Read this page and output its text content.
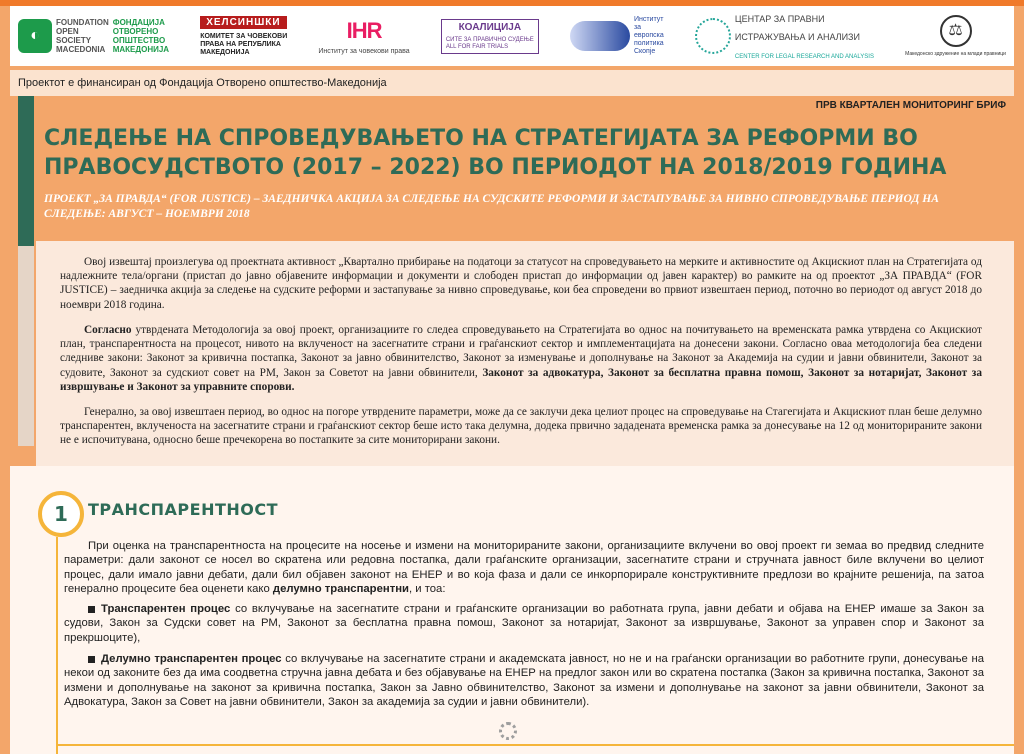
◐
FOUNDATION
OPEN
SOCIETY
MACEDONIA
ФОНДАЦИЈА
ОТВОРЕНО
ОПШТЕСТВО
МАКЕДОНИЈА
ХЕЛСИНШКИ
КОМИТЕТ ЗА ЧОВЕКОВИ
ПРАВА НА РЕПУБЛИКА
МАКЕДОНИЈА
IHR
Институт за човекови права
КОАЛИЦИЈА
СИТЕ ЗА ПРАВИЧНО СУДЕЊЕ
ALL FOR FAIR TRIALS
Институт
за
европска
политика
Скопје
ЦЕНТАР ЗА ПРАВНИ
ИСТРАЖУВАЊА И АНАЛИЗИ
CENTER FOR LEGAL RESEARCH AND ANALYSIS
⚖
Македонско здружение на млади правници
Проектот е финансиран од Фондација Отворено општество-Македонија
ПРВ КВАРТАЛЕН МОНИТОРИНГ БРИФ
СЛЕДЕЊЕ НА СПРОВЕДУВАЊЕТО НА СТРАТЕГИЈАТА ЗА РЕФОРМИ ВО ПРАВОСУДСТВОТО (2017 – 2022) ВО ПЕРИОДОТ НА 2018/2019 ГОДИНА

ПРОЕКТ „ЗА ПРАВДА“ (FOR JUSTICE) – ЗАЕДНИЧКА АКЦИЈА ЗА СЛЕДЕЊЕ НА СУДСКИТЕ РЕФОРМИ И ЗАСТАПУВАЊЕ ЗА НИВНО СПРОВЕДУВАЊЕ ПЕРИОД НА СЛЕДЕЊЕ: АВГУСТ – НОЕМВРИ 2018

Овој извештај произлегува од проектната активност „Квартално прибирање на податоци за статусот на спроведувањето на мерките и активностите од Акцискиот план на Стратегијата од надлежните тела/органи (пристап до јавно објавените информации и документи и слободен пристап до информации од јавен карактер) во рамките на од проектот „ЗА ПРАВДА“ (FOR JUSTICE) – заедничка акција за следење на судските реформи и застапување за нивно спроведување, кои беа спроведени во првиот извештаен период, поточно во периодот од август 2018 до ноември 2018 година.

Согласно утврдената Методологија за овој проект, организациите го следеа спроведувањето на Стратегијата во однос на почитувањето на временската рамка утврдена со Акцискиот план, транспарентноста на процесот, нивото на вклученост на засегнатите страни и граѓанскиот сектор и имплементацијата на донесени закони. Согласно оваа методологија беа следени следниве закони: Законот за кривична постапка, Законот за јавно обвинителство, Законот за изменување и дополнување на Законот за Академија на судии и јавни обвинители, Законот за судовите, Законот за судскиот совет на РМ, Закон за Советот на јавни обвинители, Законот за адвокатура, Законот за бесплатна правна помош, Законот за нотаријат, Законот за извршување и Законот за управните спорови.

Генерално, за овој извештаен период, во однос на погоре утврдените параметри, може да се заклучи дека целиот процес на спроведување на Стагегијата и Акцискиот план беше делумно транспарентен, вклученоста на засегнатите страни и граѓанскиот сектор беше исто така делумна, додека првично зададената временска рамка за донесување на 12 од мониторираните закони не е испочитувана, односно беше пречекорена во постапките за сите мониторирани закони.

1	ТРАНСПАРЕНТНОСТ

При оценка на транспарентноста на процесите на носење и измени на мониторираните закони, организациите вклучени во овој проект ги земаа во предвид следните параметри: дали законот се носел во скратена или редовна постапка, дали граѓанските организации, засегнатите страни и стручната јавност биле вклучени во целиот процес, дали имало јавни дебати, дали бил објавен законот на ЕНЕР и во која фаза и дали се инкорпорирале конструктивните предлози во крајните решенија, па затоа генерално процесите беа оценети како делумно транспарентни, и тоа:

Транспарентен процес со вклучување на засегнатите страни и граѓанските организации во работната група, јавни дебати и објава на ЕНЕР имаше за Закон за судови, Закон за Судски совет на РМ, Законот за бесплатна правна помош, Законот за нотаријат, Законот за извршување, Законот за управен спор и Законот за прекршоците),

Делумно транспарентен процес со вклучување на засегнатите страни и академската јавност, но не и на граѓански организации во работните групи, донесување на некои од законите без да има соодветна стручна јавна дебата и без објавување на ЕНЕР на предлог закон или во скратена постапка (Закон за кривична постапка, Законот за измени и дополнување на законот за кривична постапка, Закон за Јавно обвинителство, Законот за измени и дополнување на законот за јавни обвинители, Законот за Адвокатура, Закон за Совет на јавни обвинители, Закон за академија за судии и јавни обвинители).
